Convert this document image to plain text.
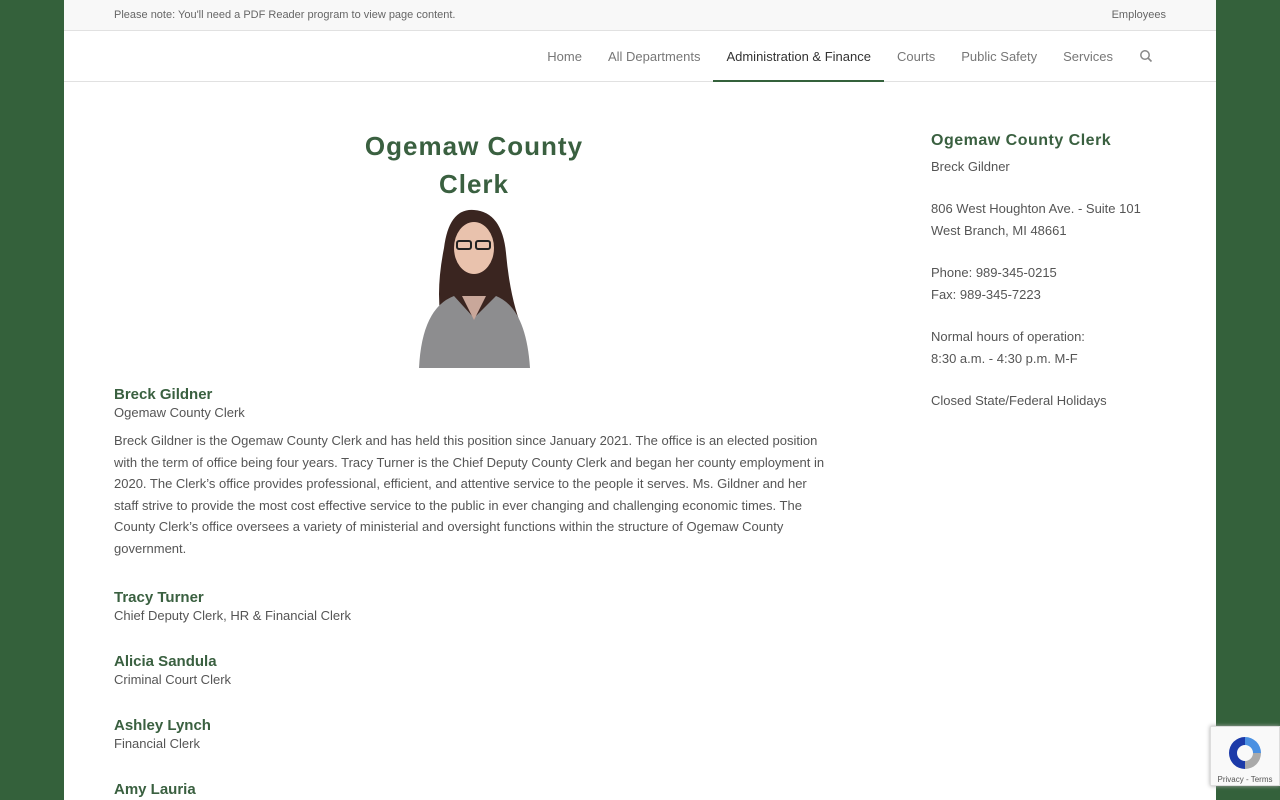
Please note: You'll need a PDF Reader program to view page content.	Employees
Home	All Departments	Administration & Finance	Courts	Public Safety	Services
Ogemaw County
Clerk
Breck Gildner
Ogemaw County Clerk

Breck Gildner is the Ogemaw County Clerk and has held this position since January 2021. The office is an elected position with the term of office being four years. Tracy Turner is the Chief Deputy County Clerk and began her county employment in 2020. The Clerk’s office provides professional, efficient, and attentive service to the people it serves. Ms. Gildner and her staff strive to provide the most cost effective service to the public in ever changing and challenging economic times. The County Clerk’s office oversees a variety of ministerial and oversight functions within the structure of Ogemaw County government.

Tracy Turner
Chief Deputy Clerk, HR & Financial Clerk
Alicia Sandula
Criminal Court Clerk
Ashley Lynch
Financial Clerk
Amy Lauria
Ogemaw County Clerk

Breck Gildner

806 West Houghton Ave. - Suite 101
West Branch, MI 48661

Phone: 989-345-0215
Fax: 989-345-7223

Normal hours of operation:
8:30 a.m. - 4:30 p.m. M-F

Closed State/Federal Holidays

Privacy - Terms
